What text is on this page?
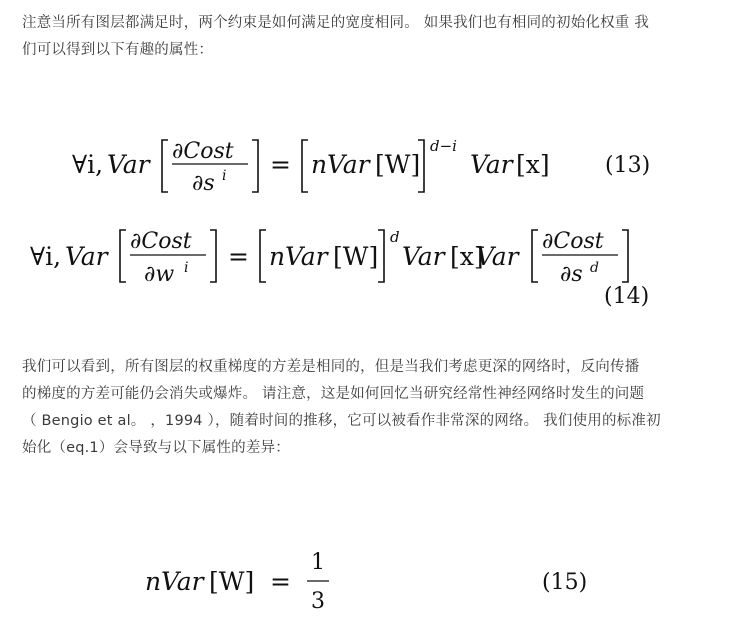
注意当所有图层都满足时，两个约束是如何满足的宽度相同。 如果我们也有相同的初始化权重 我
们可以得到以下有趣的属性：
∀i, Var ∂Cost
∂s i = n Var [W]
d−i
Var [x]	(13)
∀i, Var
∂Cost
∂w i = n Var [W]
d
Var [x]
Var
∂Cost
∂s d
(14)
n Var [W] =
1
3
(15)
我们可以看到，所有图层的权重梯度的方差是相同的，但是当我们考虑更深的网络时，反向传播
的梯度的方差可能仍会消失或爆炸。 请注意，这是如何回忆当研究经常性神经网络时发生的问题
（ Bengio et al。 ，1994 ），随着时间的推移，它可以被看作非常深的网络。 我们使用的标准初
始化（eq.1）会导致与以下属性的差异：
